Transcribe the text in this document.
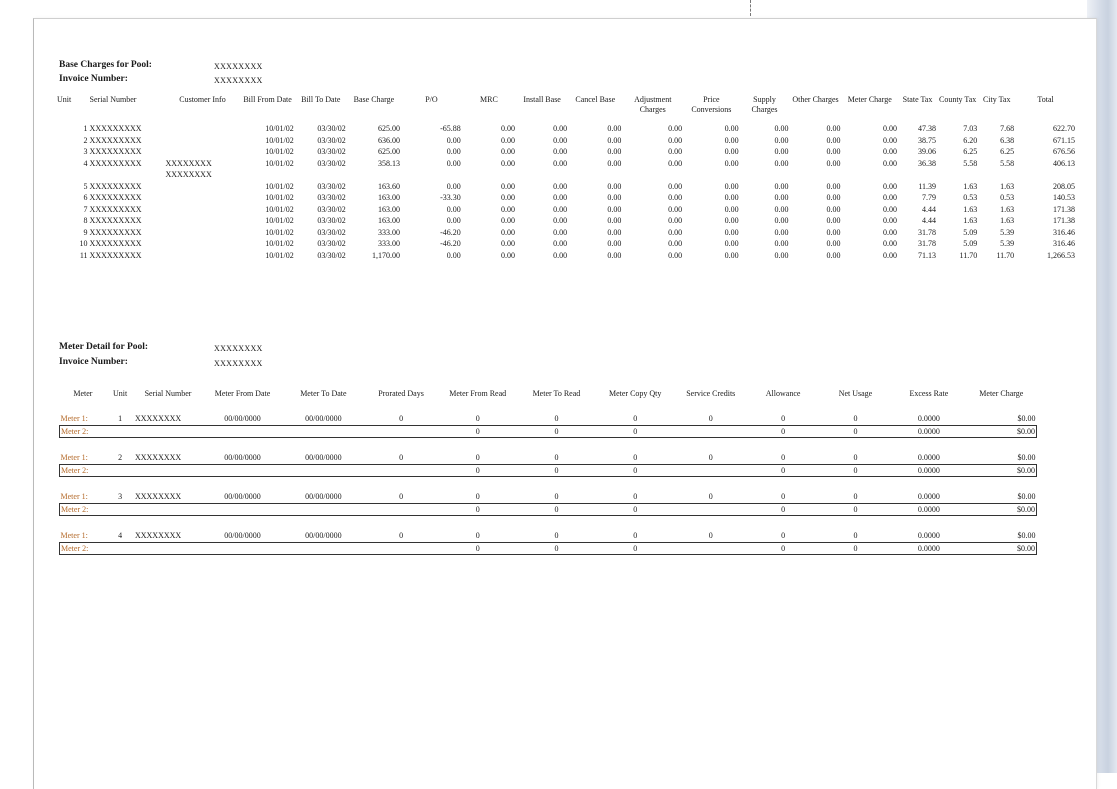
Base Charges for Pool:	XXXXXXXX
Invoice Number:	XXXXXXXX
Unit	Serial Number	Customer Info	Bill From Date	Bill To Date	Base Charge	P/O	MRC	Install Base	Cancel Base	Adjustment Charges	Price Conversions	Supply Charges	Other Charges	Meter Charge	State Tax	County Tax	City Tax	Total

1	XXXXXXXXX		10/01/02	03/30/02	625.00	-65.88	0.00	0.00	0.00	0.00	0.00	0.00	0.00	0.00	47.38	7.03	7.68	622.70
2	XXXXXXXXX		10/01/02	03/30/02	636.00	0.00	0.00	0.00	0.00	0.00	0.00	0.00	0.00	0.00	38.75	6.20	6.38	671.15
3	XXXXXXXXX		10/01/02	03/30/02	625.00	0.00	0.00	0.00	0.00	0.00	0.00	0.00	0.00	0.00	39.06	6.25	6.25	676.56
4	XXXXXXXXX	XXXXXXXX	10/01/02	03/30/02	358.13	0.00	0.00	0.00	0.00	0.00	0.00	0.00	0.00	0.00	36.38	5.58	5.58	406.13
		XXXXXXXX																
5	XXXXXXXXX		10/01/02	03/30/02	163.60	0.00	0.00	0.00	0.00	0.00	0.00	0.00	0.00	0.00	11.39	1.63	1.63	208.05
6	XXXXXXXXX		10/01/02	03/30/02	163.00	-33.30	0.00	0.00	0.00	0.00	0.00	0.00	0.00	0.00	7.79	0.53	0.53	140.53
7	XXXXXXXXX		10/01/02	03/30/02	163.00	0.00	0.00	0.00	0.00	0.00	0.00	0.00	0.00	0.00	4.44	1.63	1.63	171.38
8	XXXXXXXXX		10/01/02	03/30/02	163.00	0.00	0.00	0.00	0.00	0.00	0.00	0.00	0.00	0.00	4.44	1.63	1.63	171.38
9	XXXXXXXXX		10/01/02	03/30/02	333.00	-46.20	0.00	0.00	0.00	0.00	0.00	0.00	0.00	0.00	31.78	5.09	5.39	316.46
10	XXXXXXXXX		10/01/02	03/30/02	333.00	-46.20	0.00	0.00	0.00	0.00	0.00	0.00	0.00	0.00	31.78	5.09	5.39	316.46
11	XXXXXXXXX		10/01/02	03/30/02	1,170.00	0.00	0.00	0.00	0.00	0.00	0.00	0.00	0.00	0.00	71.13	11.70	11.70	1,266.53
Meter Detail for Pool:	XXXXXXXX
Invoice Number:	XXXXXXXX
Meter	Unit	Serial Number	Meter From Date	Meter To Date	Prorated Days	Meter From Read	Meter To Read	Meter Copy Qty	Service Credits	Allowance	Net Usage	Excess Rate	Meter Charge

Meter 1:	1	XXXXXXXX	00/00/0000	00/00/0000	0	0	0	0	0	0	0	0.0000	$0.00
Meter 2:						0	0	0		0	0	0.0000	$0.00

Meter 1:	2	XXXXXXXX	00/00/0000	00/00/0000	0	0	0	0	0	0	0	0.0000	$0.00
Meter 2:						0	0	0		0	0	0.0000	$0.00

Meter 1:	3	XXXXXXXX	00/00/0000	00/00/0000	0	0	0	0	0	0	0	0.0000	$0.00
Meter 2:						0	0	0		0	0	0.0000	$0.00

Meter 1:	4	XXXXXXXX	00/00/0000	00/00/0000	0	0	0	0	0	0	0	0.0000	$0.00
Meter 2:						0	0	0		0	0	0.0000	$0.00
